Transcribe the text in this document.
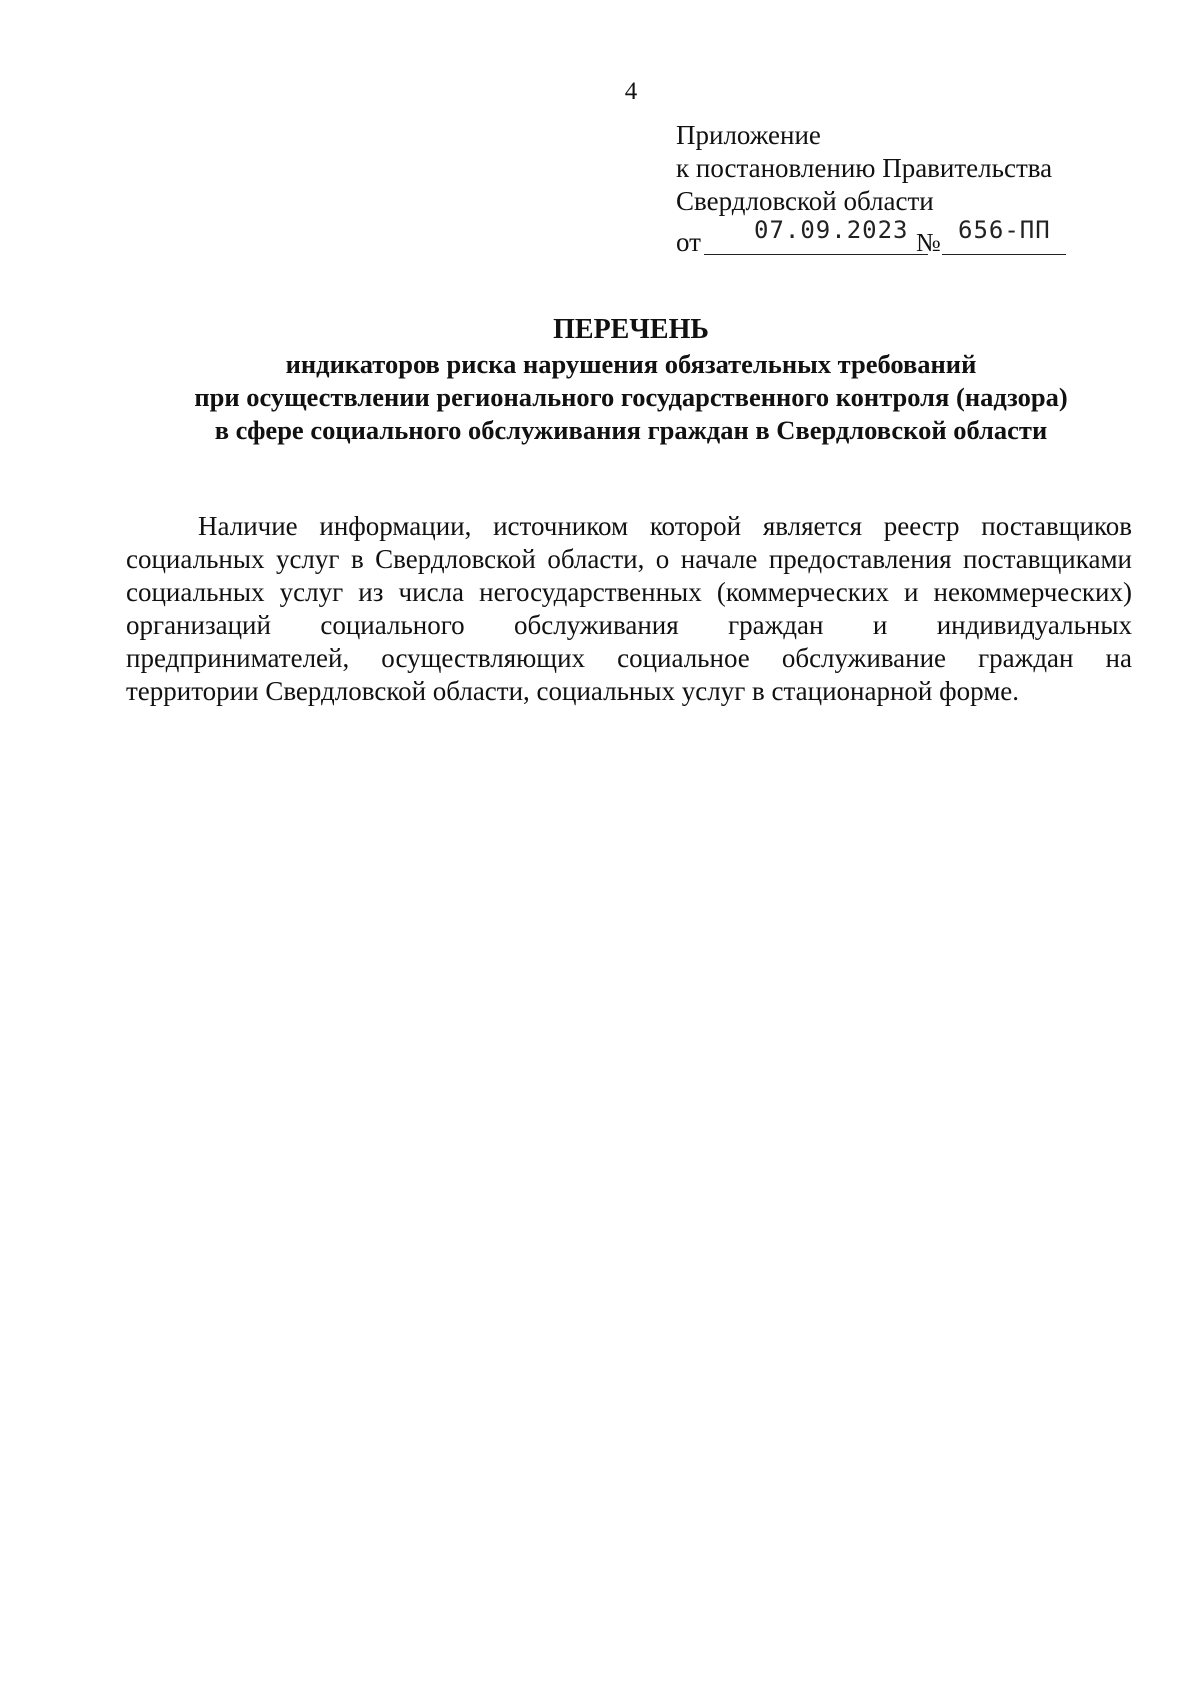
4
Приложение
к постановлению Правительства
Свердловской области
от 07.09.2023 № 656-ПП
ПЕРЕЧЕНЬ
индикаторов риска нарушения обязательных требований
при осуществлении регионального государственного контроля (надзора)
в сфере социального обслуживания граждан в Свердловской области

Наличие информации, источником которой является реестр поставщиков социальных услуг в Свердловской области, о начале предоставления поставщиками социальных услуг из числа негосударственных (коммерческих и некоммерческих) организаций социального обслуживания граждан и индивидуальных предпринимателей, осуществляющих социальное обслуживание граждан на территории Свердловской области, социальных услуг в стационарной форме.
